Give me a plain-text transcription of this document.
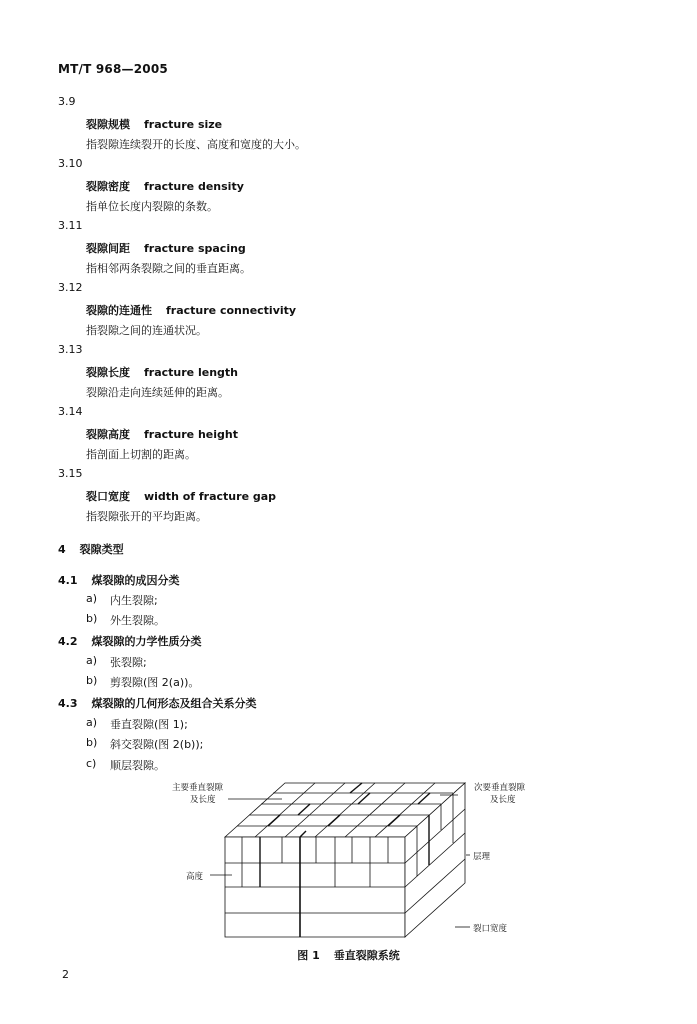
MT/T 968—2005
3.9
裂隙规模 fracture size
指裂隙连续裂开的长度、高度和宽度的大小。
3.10
裂隙密度 fracture density
指单位长度内裂隙的条数。
3.11
裂隙间距 fracture spacing
指相邻两条裂隙之间的垂直距离。
3.12
裂隙的连通性 fracture connectivity
指裂隙之间的连通状况。
3.13
裂隙长度 fracture length
裂隙沿走向连续延伸的距离。
3.14
裂隙高度 fracture height
指剖面上切割的距离。
3.15
裂口宽度 width of fracture gap
指裂隙张开的平均距离。
4 裂隙类型
4.1 煤裂隙的成因分类
a) 内生裂隙;
b) 外生裂隙。
4.2 煤裂隙的力学性质分类
a) 张裂隙;
b) 剪裂隙(图 2(a))。
4.3 煤裂隙的几何形态及组合关系分类
a) 垂直裂隙(图 1);
b) 斜交裂隙(图 2(b));
c) 顺层裂隙。
主要垂直裂隙
及长度
次要垂直裂隙
及长度
层理
高度
裂口宽度
图 1 垂直裂隙系统
2
